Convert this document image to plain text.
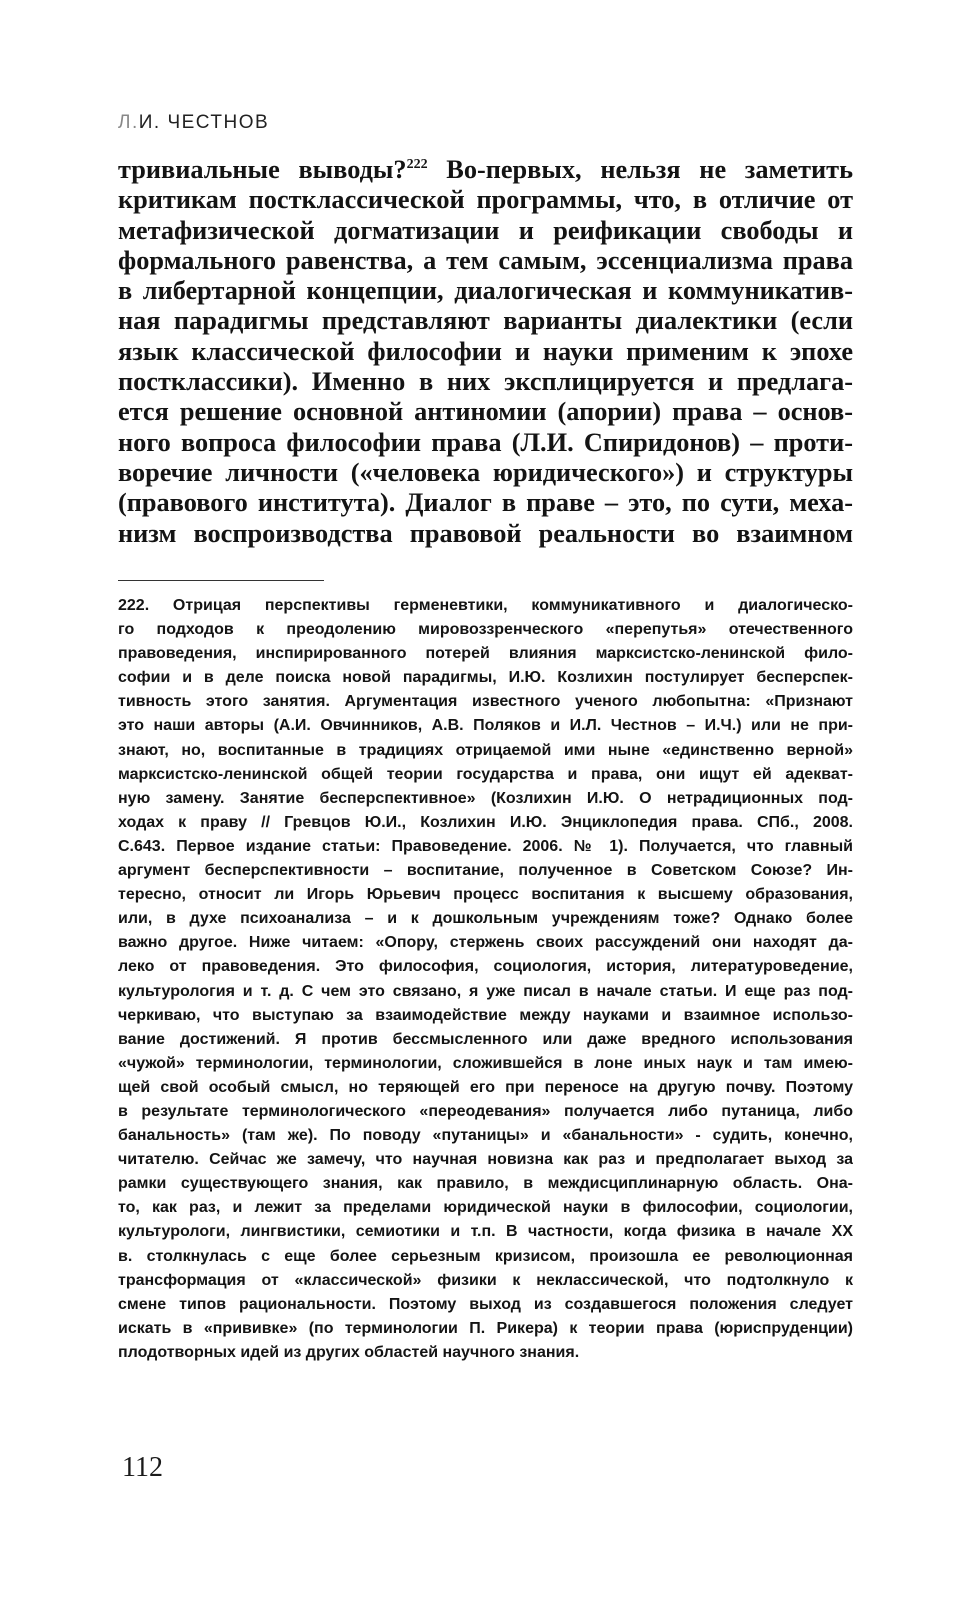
Л.И. ЧЕСТНОВ
тривиальные выводы?$^{222}$ Во-первых, нельзя не заметить
критикам постклассической программы, что, в отличие от
метафизической догматизации и реификации свободы и
формального равенства, а тем самым, эссенциализма права
в либертарной концепции, диалогическая и коммуникатив-
ная парадигмы представляют варианты диалектики (если
язык классической философии и науки применим к эпохе
постклассики). Именно в них эксплицируется и предлага-
ется решение основной антиномии (апории) права – основ-
ного вопроса философии права (Л.И. Спиридонов) – проти-
воречие личности («человека юридического») и структуры
(правового института). Диалог в праве – это, по сути, меха-
низм воспроизводства правовой реальности во взаимном
222. Отрицая перспективы герменевтики, коммуникативного и диалогическо-
го подходов к преодолению мировоззренческого «перепутья» отечественного
правоведения, инспирированного потерей влияния марксистско-ленинской фило-
софии и в деле поиска новой парадигмы, И.Ю. Козлихин постулирует бесперспек-
тивность этого занятия. Аргументация известного ученого любопытна: «Признают
это наши авторы (А.И. Овчинников, А.В. Поляков и И.Л. Честнов – И.Ч.) или не при-
знают, но, воспитанные в традициях отрицаемой ими ныне «единственно верной»
марксистско-ленинской общей теории государства и права, они ищут ей адекват-
ную замену. Занятие бесперспективное» (Козлихин И.Ю. О нетрадиционных под-
ходах к праву // Гревцов Ю.И., Козлихин И.Ю. Энциклопедия права. СПб., 2008.
С.643. Первое издание статьи: Правоведение. 2006. № 1). Получается, что главный
аргумент бесперспективности – воспитание, полученное в Советском Союзе? Ин-
тересно, относит ли Игорь Юрьевич процесс воспитания к высшему образования,
или, в духе психоанализа – и к дошкольным учреждениям тоже? Однако более
важно другое. Ниже читаем: «Опору, стержень своих рассуждений они находят да-
леко от правоведения. Это философия, социология, история, литературоведение,
культурология и т. д. С чем это связано, я уже писал в начале статьи. И еще раз под-
черкиваю, что выступаю за взаимодействие между науками и взаимное использо-
вание достижений. Я против бессмысленного или даже вредного использования
«чужой» терминологии, терминологии, сложившейся в лоне иных наук и там имею-
щей свой особый смысл, но теряющей его при переносе на другую почву. Поэтому
в результате терминологического «переодевания» получается либо путаница, либо
банальность» (там же). По поводу «путаницы» и «банальности» - судить, конечно,
читателю. Сейчас же замечу, что научная новизна как раз и предполагает выход за
рамки существующего знания, как правило, в междисциплинарную область. Она-
то, как раз, и лежит за пределами юридической науки в философии, социологии,
культурологи, лингвистики, семиотики и т.п. В частности, когда физика в начале XX
в. столкнулась с еще более серьезным кризисом, произошла ее революционная
трансформация от «классической» физики к неклассической, что подтолкнуло к
смене типов рациональности. Поэтому выход из создавшегося положения следует
искать в «прививке» (по терминологии П. Рикера) к теории права (юриспруденции)
плодотворных идей из других областей научного знания.
112
